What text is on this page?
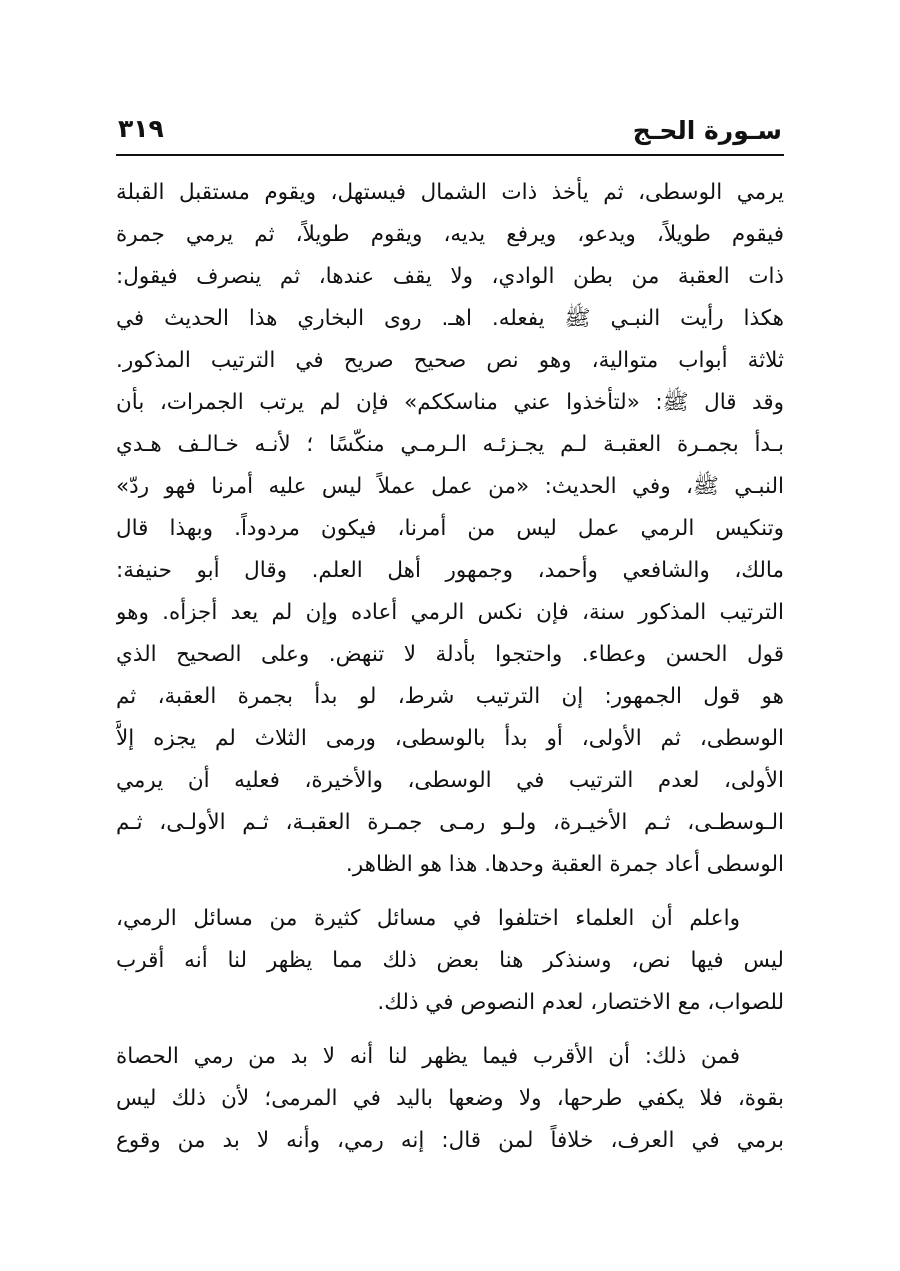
سـورة الحـج
٣١٩
يرمي الوسطى، ثم يأخذ ذات الشمال فيستهل، ويقوم مستقبل القبلة
فيقوم طويلاً، ويدعو، ويرفع يديه، ويقوم طويلاً، ثم يرمي جمرة
ذات العقبة من بطن الوادي، ولا يقف عندها، ثم ينصرف فيقول:
هكذا رأيت النبـي ﷺ يفعله. اهـ. روى البخاري هذا الحديث في
ثلاثة أبواب متوالية، وهو نص صحيح صريح في الترتيب المذكور.
وقد قال ﷺ: «لتأخذوا عني مناسككم» فإن لم يرتب الجمرات، بأن
بـدأ بجمـرة العقبـة لـم يجـزئـه الـرمـي منكّسًا ؛ لأنـه خـالـف هـدي
النبـي ﷺ، وفي الحديث: «من عمل عملاً ليس عليه أمرنا فهو ردّ»
وتنكيس الرمي عمل ليس من أمرنا، فيكون مردوداً. وبهذا قال
مالك، والشافعي وأحمد، وجمهور أهل العلم. وقال أبو حنيفة:
الترتيب المذكور سنة، فإن نكس الرمي أعاده وإن لم يعد أجزأه. وهو
قول الحسن وعطاء. واحتجوا بأدلة لا تنهض. وعلى الصحيح الذي
هو قول الجمهور: إن الترتيب شرط، لو بدأ بجمرة العقبة، ثم
الوسطى، ثم الأولى، أو بدأ بالوسطى، ورمى الثلاث لم يجزه إلاَّ
الأولى، لعدم الترتيب في الوسطى، والأخيرة، فعليه أن يرمي
الـوسطـى، ثـم الأخيـرة، ولـو رمـى جمـرة العقبـة، ثـم الأولـى، ثـم
الوسطى أعاد جمرة العقبة وحدها. هذا هو الظاهر.
واعلم أن العلماء اختلفوا في مسائل كثيرة من مسائل الرمي،
ليس فيها نص، وسنذكر هنا بعض ذلك مما يظهر لنا أنه أقرب
للصواب، مع الاختصار، لعدم النصوص في ذلك.
فمن ذلك: أن الأقرب فيما يظهر لنا أنه لا بد من رمي الحصاة
بقوة، فلا يكفي طرحها، ولا وضعها باليد في المرمى؛ لأن ذلك ليس
برمي في العرف، خلافاً لمن قال: إنه رمي، وأنه لا بد من وقوع
